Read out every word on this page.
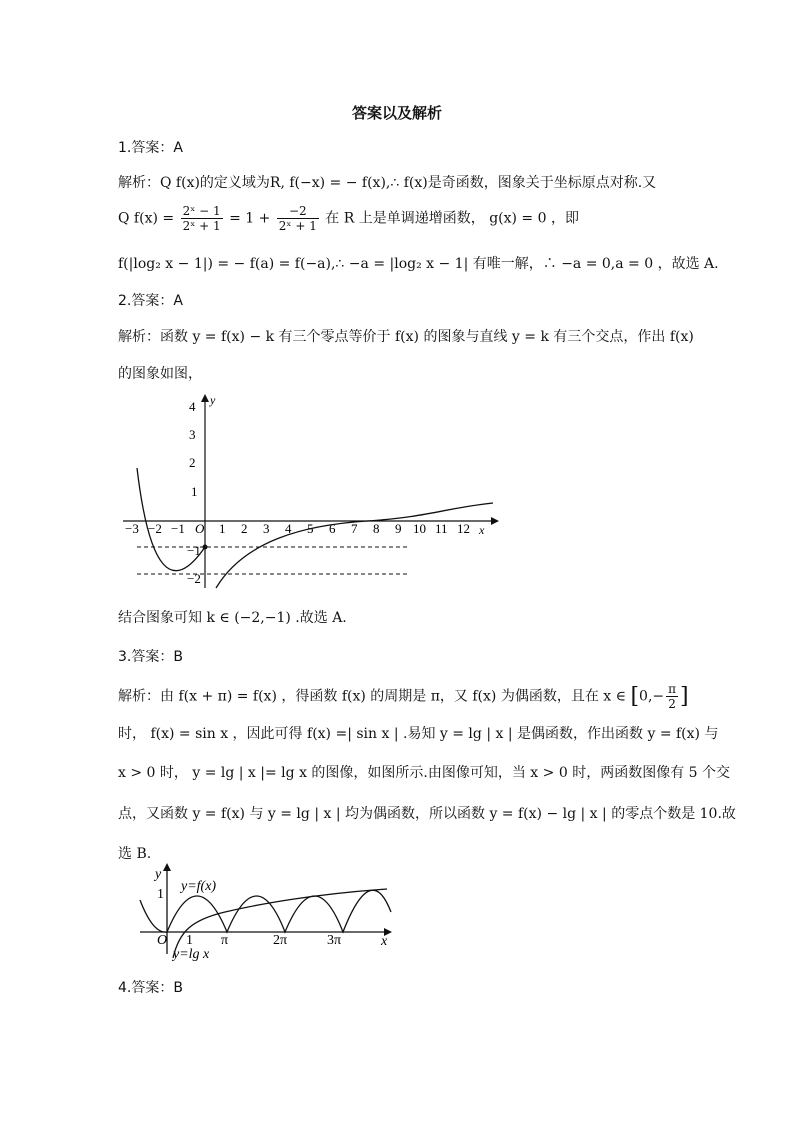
答案以及解析
1.答案：A
解析：Q f(x)的定义域为R, f(−x) = − f(x),∴ f(x)是奇函数，图象关于坐标原点对称.又
Q $f(x) = \frac{\text{2ˣ − 1}}{\text{2ˣ + 1}} = 1 + \frac{-2}{\text{2ˣ + 1}}$ 在 R 上是单调递增函数， g(x) = 0 ，即
f(|log₂ x − 1|) = − f(a) = f(−a),∴ −a = |log₂ x − 1| 有唯一解，∴ −a = 0,a = 0 ，故选 A.
2.答案：A
解析：函数 y = f(x) − k 有三个零点等价于 f(x) 的图象与直线 y = k 有三个交点，作出 f(x)
的图象如图，
y
x
4
3
2
1
−1
−2
−3 −2 −1 O 1 2 3 4 5 6 7 8 9 10 11 12
结合图象可知 k ∈ (−2,−1) .故选 A.
3.答案：B
解析：由 f(x + π) = f(x) ，得函数 f(x) 的周期是 π，又 f(x) 为偶函数，且在 x ∈ [$0,- \frac{\pi}{2}$ ]
时， f(x) = sin x ，因此可得 f(x) =| sin x | .易知 y = lg | x | 是偶函数，作出函数 y = f(x) 与
x > 0 时， y = lg | x |= lg x 的图像，如图所示.由图像可知，当 x > 0 时，两函数图像有 5 个交
点，又函数 y = f(x) 与 y = lg | x | 均为偶函数，所以函数 y = f(x) − lg | x | 的零点个数是 10.故
选 B.
y
x
1
y=f(x)
O 1 π	2π	3π
y=lg x
4.答案：B
